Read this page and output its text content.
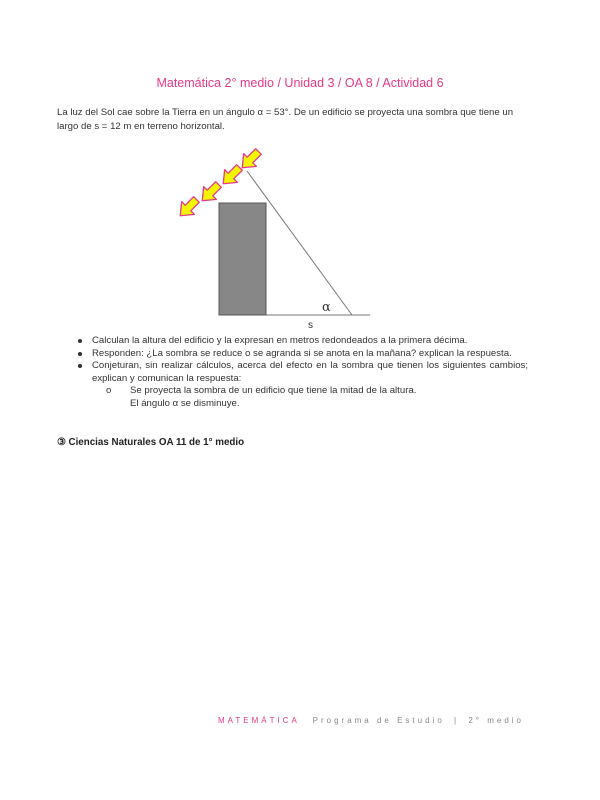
Matemática 2° medio / Unidad 3 / OA 8 / Actividad 6

La luz del Sol cae sobre la Tierra en un ángulo α = 53°. De un edificio se proyecta una sombra que tiene un largo de s = 12 m en terreno horizontal.

α
s
Calculan la altura del edificio y la expresan en metros redondeados a la primera décima.
Responden: ¿La sombra se reduce o se agranda si se anota en la mañana? explican la respuesta.
Conjeturan, sin realizar cálculos, acerca del efecto en la sombra que tienen los siguientes cambios; explican y comunican la respuesta:
o Se proyecta la sombra de un edificio que tiene la mitad de la altura.
El ángulo α se disminuye.
③ Ciencias Naturales OA 11 de 1° medio
MATEMÁTICA Programa de Estudio | 2° medio
